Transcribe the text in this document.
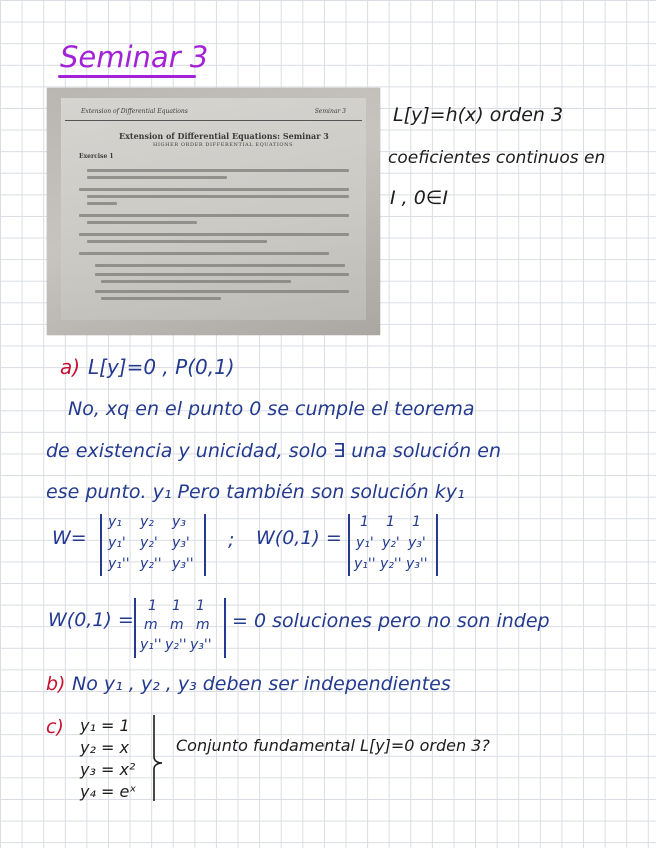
Seminar 3
Extension of Differential Equations	Seminar 3
Extension of Differential Equations: Seminar 3
HIGHER ORDER DIFFERENTIAL EQUATIONS
Exercise 1
L[y]=h(x) orden 3
coeficientes continuos en
I , 0∈I
a) L[y]=0 , P(0,1)
No, xq en el punto 0 se cumple el teorema
de existencia y unicidad, solo ∃ una solución en
ese punto. y₁ Pero también son solución ky₁
W=
y₁ y₂ y₃
y₁' y₂' y₃'
y₁'' y₂'' y₃''
; W(0,1) =
1 1 1
y₁' y₂' y₃'
y₁'' y₂'' y₃''
W(0,1) =
1 1 1
m m m
y₁'' y₂'' y₃''
= 0 soluciones pero no son indep
b) No y₁ , y₂ , y₃ deben ser independientes
c) y₁ = 1
y₂ = x
y₃ = x²
y₄ = eˣ
Conjunto fundamental L[y]=0 orden 3?
